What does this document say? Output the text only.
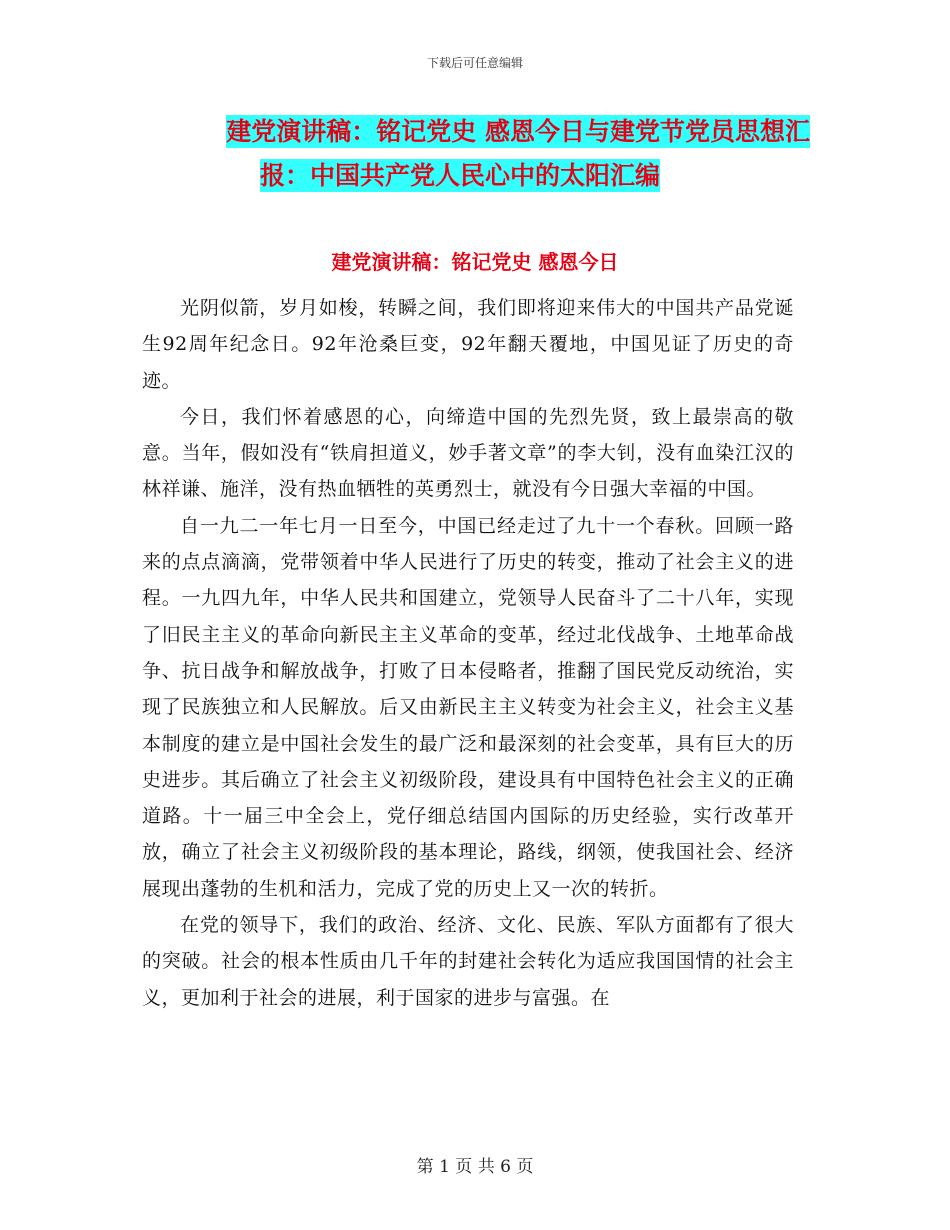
下载后可任意编辑
建党演讲稿：铭记党史 感恩今日与建党节党员思想汇
报：中国共产党人民心中的太阳汇编
建党演讲稿：铭记党史 感恩今日

光阴似箭，岁月如梭，转瞬之间，我们即将迎来伟大的中国共产品党诞生92周年纪念日。92年沧桑巨变，92年翻天覆地，中国见证了历史的奇迹。

今日，我们怀着感恩的心，向缔造中国的先烈先贤，致上最崇高的敬意。当年，假如没有“铁肩担道义，妙手著文章”的李大钊，没有血染江汉的林祥谦、施洋，没有热血牺牲的英勇烈士，就没有今日强大幸福的中国。

自一九二一年七月一日至今，中国已经走过了九十一个春秋。回顾一路来的点点滴滴，党带领着中华人民进行了历史的转变，推动了社会主义的进程。一九四九年，中华人民共和国建立，党领导人民奋斗了二十八年，实现了旧民主主义的革命向新民主主义革命的变革，经过北伐战争、土地革命战争、抗日战争和解放战争，打败了日本侵略者，推翻了国民党反动统治，实现了民族独立和人民解放。后又由新民主主义转变为社会主义，社会主义基本制度的建立是中国社会发生的最广泛和最深刻的社会变革，具有巨大的历史进步。其后确立了社会主义初级阶段，建设具有中国特色社会主义的正确道路。十一届三中全会上，党仔细总结国内国际的历史经验，实行改革开放，确立了社会主义初级阶段的基本理论，路线，纲领，使我国社会、经济展现出蓬勃的生机和活力，完成了党的历史上又一次的转折。

在党的领导下，我们的政治、经济、文化、民族、军队方面都有了很大的突破。社会的根本性质由几千年的封建社会转化为适应我国国情的社会主义，更加利于社会的进展，利于国家的进步与富强。在

第 1 页 共 6 页
